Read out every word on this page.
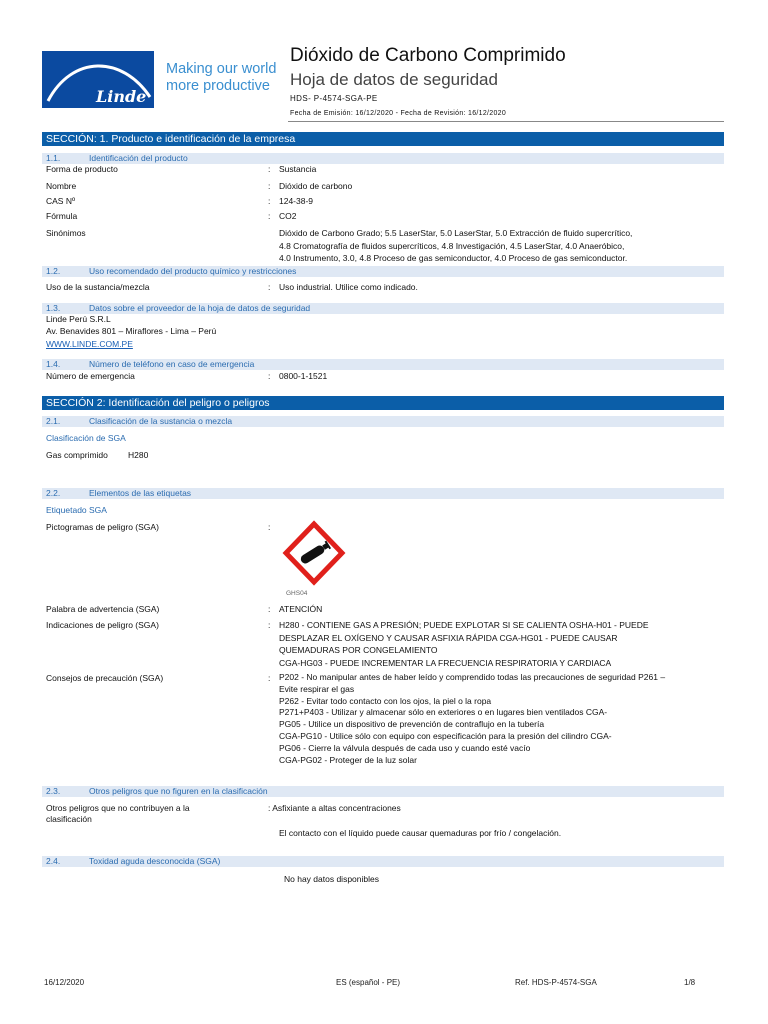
Linde
Making our world
more productive
Dióxido de Carbono Comprimido
Hoja de datos de seguridad
HDS- P-4574-SGA-PE
Fecha de Emisión: 16/12/2020 - Fecha de Revisión: 16/12/2020
SECCIÓN: 1. Producto e identificación de la empresa
1.1.	Identificación del producto
Forma de producto	: Sustancia
Nombre	: Dióxido de carbono
CAS Nº	: 124-38-9
Fórmula	: CO2
Sinónimos	Dióxido de Carbono Grado; 5.5 LaserStar, 5.0 LaserStar, 5.0 Extracción de fluido supercrítico,
4.8 Cromatografía de fluidos supercríticos, 4.8 Investigación, 4.5 LaserStar, 4.0 Anaeróbico,
4.0 Instrumento, 3.0, 4.8 Proceso de gas semiconductor, 4.0 Proceso de gas semiconductor.
1.2.	Uso recomendado del producto químico y restricciones
Uso de la sustancia/mezcla	: Uso industrial. Utilice como indicado.
1.3.	Datos sobre el proveedor de la hoja de datos de seguridad
Linde Perú S.R.L
Av. Benavides 801 – Miraflores - Lima – Perú
WWW.LINDE.COM.PE
1.4.	Número de teléfono en caso de emergencia
Número de emergencia	: 0800-1-1521
SECCIÓN 2: Identificación del peligro o peligros
2.1.	Clasificación de la sustancia o mezcla
Clasificación de SGA
Gas comprimido H280
2.2.	Elementos de las etiquetas
Etiquetado SGA
Pictogramas de peligro (SGA)	:
GHS04
Palabra de advertencia (SGA)	: ATENCIÓN
Indicaciones de peligro (SGA)	: H280 - CONTIENE GAS A PRESIÓN; PUEDE EXPLOTAR SI SE CALIENTA OSHA-H01 - PUEDE
DESPLAZAR EL OXÍGENO Y CAUSAR ASFIXIA RÁPIDA CGA-HG01 - PUEDE CAUSAR
QUEMADURAS POR CONGELAMIENTO
CGA-HG03 - PUEDE INCREMENTAR LA FRECUENCIA RESPIRATORIA Y CARDIACA
Consejos de precaución (SGA)	: P202 - No manipular antes de haber leído y comprendido todas las precauciones de seguridad P261 –
Evite respirar el gas
P262 - Evitar todo contacto con los ojos, la piel o la ropa
P271+P403 - Utilizar y almacenar sólo en exteriores o en lugares bien ventilados CGA-
PG05 - Utilice un dispositivo de prevención de contraflujo en la tubería
CGA-PG10 - Utilice sólo con equipo con especificación para la presión del cilindro CGA-
PG06 - Cierre la válvula después de cada uso y cuando esté vacío
CGA-PG02 - Proteger de la luz solar
2.3.	Otros peligros que no figuren en la clasificación
Otros peligros que no contribuyen a la
clasificación
: Asfixiante a altas concentraciones
El contacto con el líquido puede causar quemaduras por frío / congelación.
2.4.	Toxidad aguda desconocida (SGA)
No hay datos disponibles
16/12/2020	ES (español - PE)	Ref. HDS-P-4574-SGA	1/8
